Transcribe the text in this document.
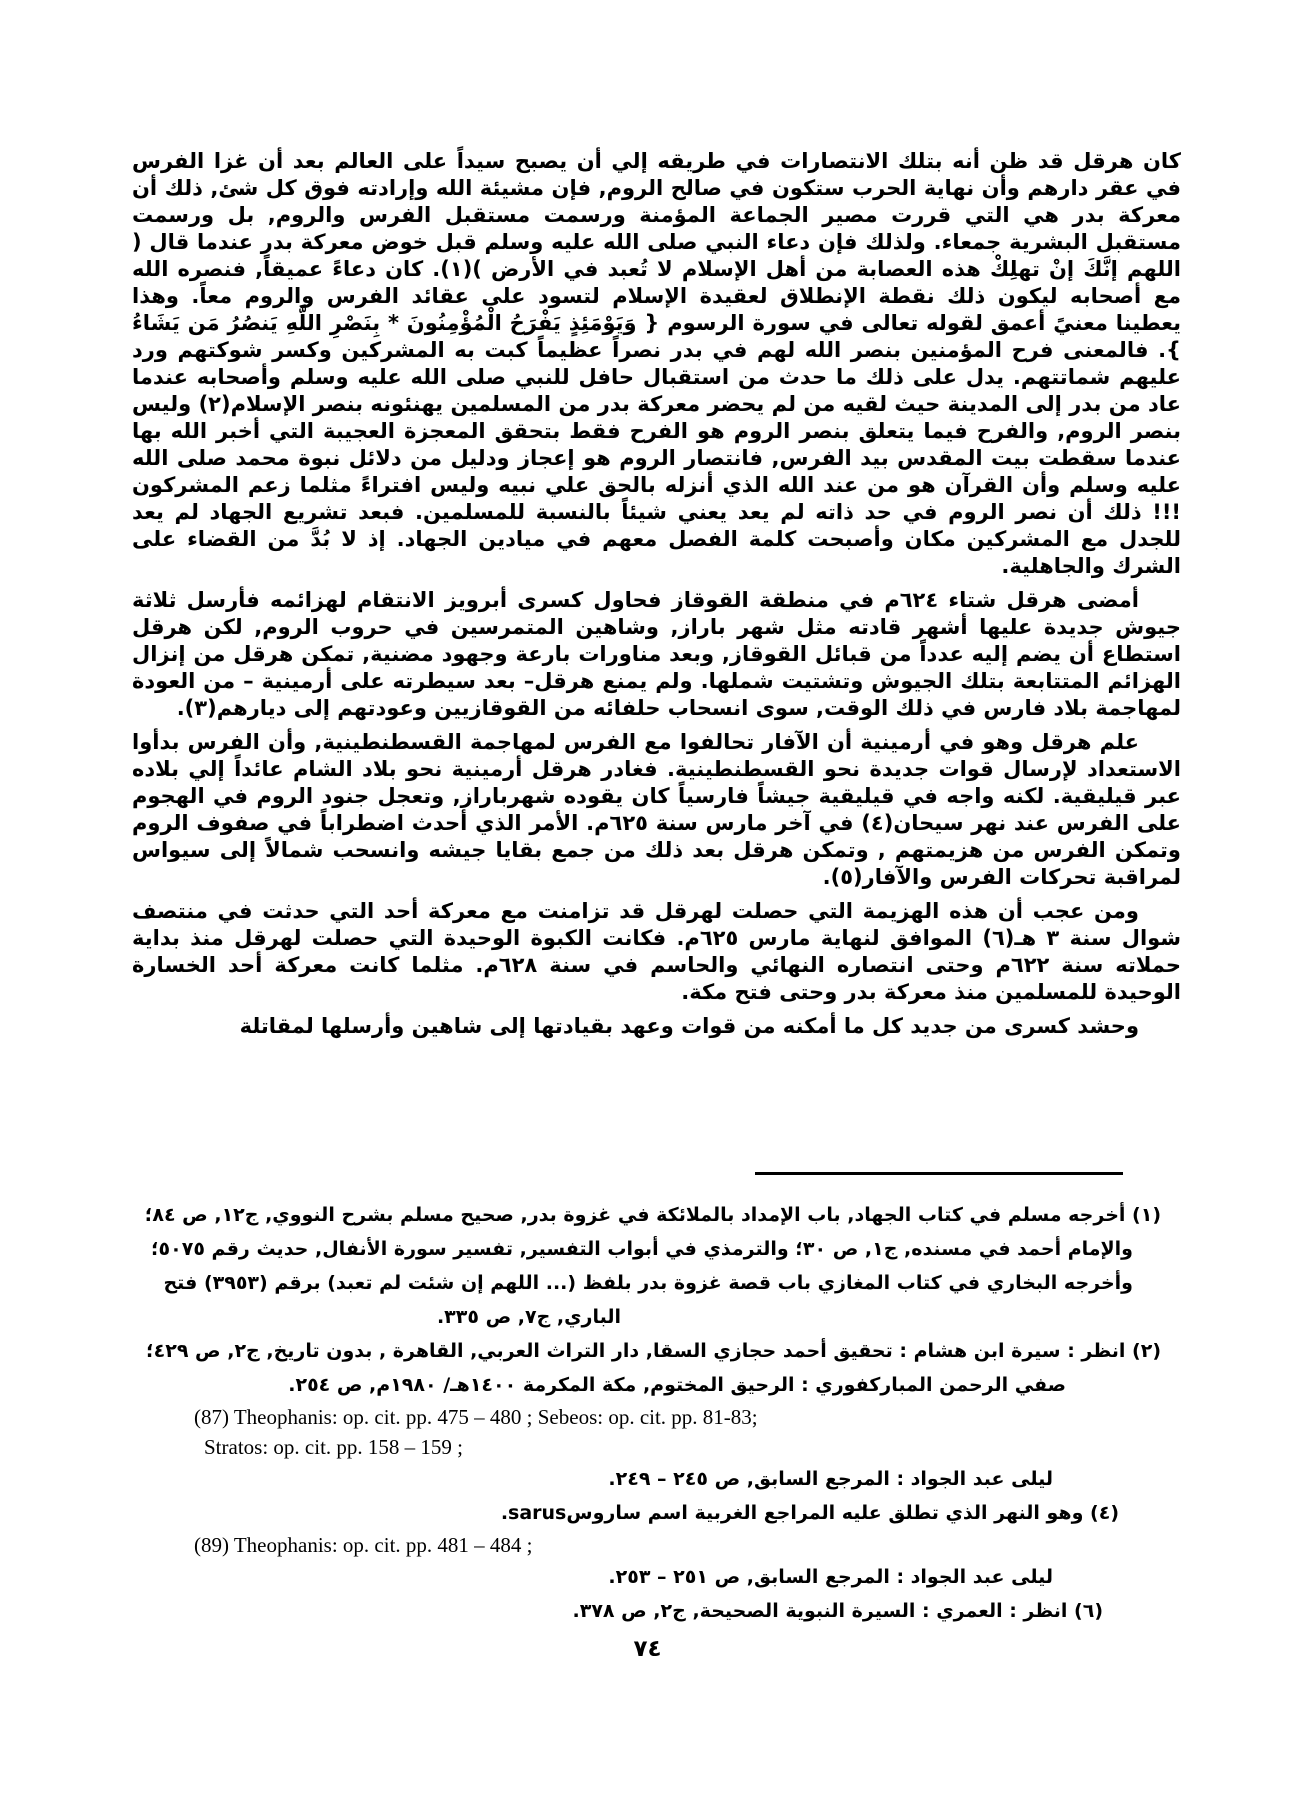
كان هرقل قد ظن أنه بتلك الانتصارات في طريقه إلي أن يصبح سيداً على العالم بعد أن غزا الفرس في عقر دارهم وأن نهاية الحرب ستكون في صالح الروم, فإن مشيئة الله وإرادته فوق كل شئ, ذلك أن معركة بدر هي التي قررت مصير الجماعة المؤمنة ورسمت مستقبل الفرس والروم, بل ورسمت مستقبل البشرية جمعاء. ولذلك فإن دعاء النبي صلى الله عليه وسلم قبل خوض معركة بدر عندما قال ( اللهم إنَّكَ إنْ تهلِكْ هذه العصابة من أهل الإسلام لا تُعبد في الأرض )(١). كان دعاءً عميقاً, فنصره الله مع أصحابه ليكون ذلك نقطة الإنطلاق لعقيدة الإسلام لتسود على عقائد الفرس والروم معاً. وهذا يعطينا معنيً أعمق لقوله تعالى في سورة الرسوم { وَيَوْمَئِذٍ يَفْرَحُ الْمُؤْمِنُونَ * بِنَصْرِ اللَّهِ يَنصُرُ مَن يَشَاءُ }. فالمعنى فرح المؤمنين بنصر الله لهم في بدر نصراً عظيماً كبت به المشركين وكسر شوكتهم ورد عليهم شماتتهم. يدل على ذلك ما حدث من استقبال حافل للنبي صلى الله عليه وسلم وأصحابه عندما عاد من بدر إلى المدينة حيث لقيه من لم يحضر معركة بدر من المسلمين يهنئونه بنصر الإسلام(٢) وليس بنصر الروم, والفرح فيما يتعلق بنصر الروم هو الفرح فقط بتحقق المعجزة العجيبة التي أخبر الله بها عندما سقطت بيت المقدس بيد الفرس, فانتصار الروم هو إعجاز ودليل من دلائل نبوة محمد صلى الله عليه وسلم وأن القرآن هو من عند الله الذي أنزله بالحق علي نبيه وليس افتراءً مثلما زعم المشركون !!! ذلك أن نصر الروم في حد ذاته لم يعد يعني شيئاً بالنسبة للمسلمين. فبعد تشريع الجهاد لم يعد للجدل مع المشركين مكان وأصبحت كلمة الفصل معهم في ميادين الجهاد. إذ لا بُدَّ من القضاء على الشرك والجاهلية.

أمضى هرقل شتاء ٦٢٤م في منطقة القوقاز فحاول كسرى أبرويز الانتقام لهزائمه فأرسل ثلاثة جيوش جديدة عليها أشهر قادته مثل شهر باراز, وشاهين المتمرسين في حروب الروم, لكن هرقل استطاع أن يضم إليه عدداً من قبائل القوقاز, وبعد مناورات بارعة وجهود مضنية, تمكن هرقل من إنزال الهزائم المتتابعة بتلك الجيوش وتشتيت شملها. ولم يمنع هرقل– بعد سيطرته على أرمينية – من العودة لمهاجمة بلاد فارس في ذلك الوقت, سوى انسحاب حلفائه من القوقازيين وعودتهم إلى ديارهم(٣).

علم هرقل وهو في أرمينية أن الآفار تحالفوا مع الفرس لمهاجمة القسطنطينية, وأن الفرس بدأوا الاستعداد لإرسال قوات جديدة نحو القسطنطينية. فغادر هرقل أرمينية نحو بلاد الشام عائداً إلي بلاده عبر قيليقية. لكنه واجه في قيليقية جيشاً فارسياً كان يقوده شهرباراز, وتعجل جنود الروم في الهجوم على الفرس عند نهر سيحان(٤) في آخر مارس سنة ٦٢٥م. الأمر الذي أحدث اضطراباً في صفوف الروم وتمكن الفرس من هزيمتهم , وتمكن هرقل بعد ذلك من جمع بقايا جيشه وانسحب شمالاً إلى سيواس لمراقبة تحركات الفرس والآفار(٥).

ومن عجب أن هذه الهزيمة التي حصلت لهرقل قد تزامنت مع معركة أحد التي حدثت في منتصف شوال سنة ٣ هـ(٦) الموافق لنهاية مارس ٦٢٥م. فكانت الكبوة الوحيدة التي حصلت لهرقل منذ بداية حملاته سنة ٦٢٢م وحتى انتصاره النهائي والحاسم في سنة ٦٢٨م. مثلما كانت معركة أحد الخسارة الوحيدة للمسلمين منذ معركة بدر وحتى فتح مكة.

وحشد كسرى من جديد كل ما أمكنه من قوات وعهد بقيادتها إلى شاهين وأرسلها لمقاتلة

(١) أخرجه مسلم في كتاب الجهاد, باب الإمداد بالملائكة في غزوة بدر, صحيح مسلم بشرح النووي, ج١٢, ص ٨٤؛
والإمام أحمد في مسنده, ج١, ص ٣٠؛ والترمذي في أبواب التفسير, تفسير سورة الأنفال, حديث رقم ٥٠٧٥؛
وأخرجه البخاري في كتاب المغازي باب قصة غزوة بدر بلفظ (... اللهم إن شئت لم تعبد) برقم (٣٩٥٣) فتح
الباري, ج٧, ص ٣٣٥.
(٢) انظر : سيرة ابن هشام : تحقيق أحمد حجازي السقا, دار التراث العربي, القاهرة , بدون تاريخ, ج٢, ص ٤٢٩؛
صفي الرحمن المباركفوري : الرحيق المختوم, مكة المكرمة ١٤٠٠هـ/ ١٩٨٠م, ص ٢٥٤.
(87) Theophanis: op. cit. pp. 475 – 480 ; Sebeos: op. cit. pp. 81-83;
Stratos: op. cit. pp. 158 – 159 ;
ليلى عبد الجواد : المرجع السابق, ص ٢٤٥ – ٢٤٩.
(٤) وهو النهر الذي تطلق عليه المراجع الغربية اسم ساروسsarus.
(89) Theophanis: op. cit. pp. 481 – 484 ;
ليلى عبد الجواد : المرجع السابق, ص ٢٥١ – ٢٥٣.
(٦) انظر : العمري : السيرة النبوية الصحيحة, ج٢, ص ٣٧٨.
٧٤
